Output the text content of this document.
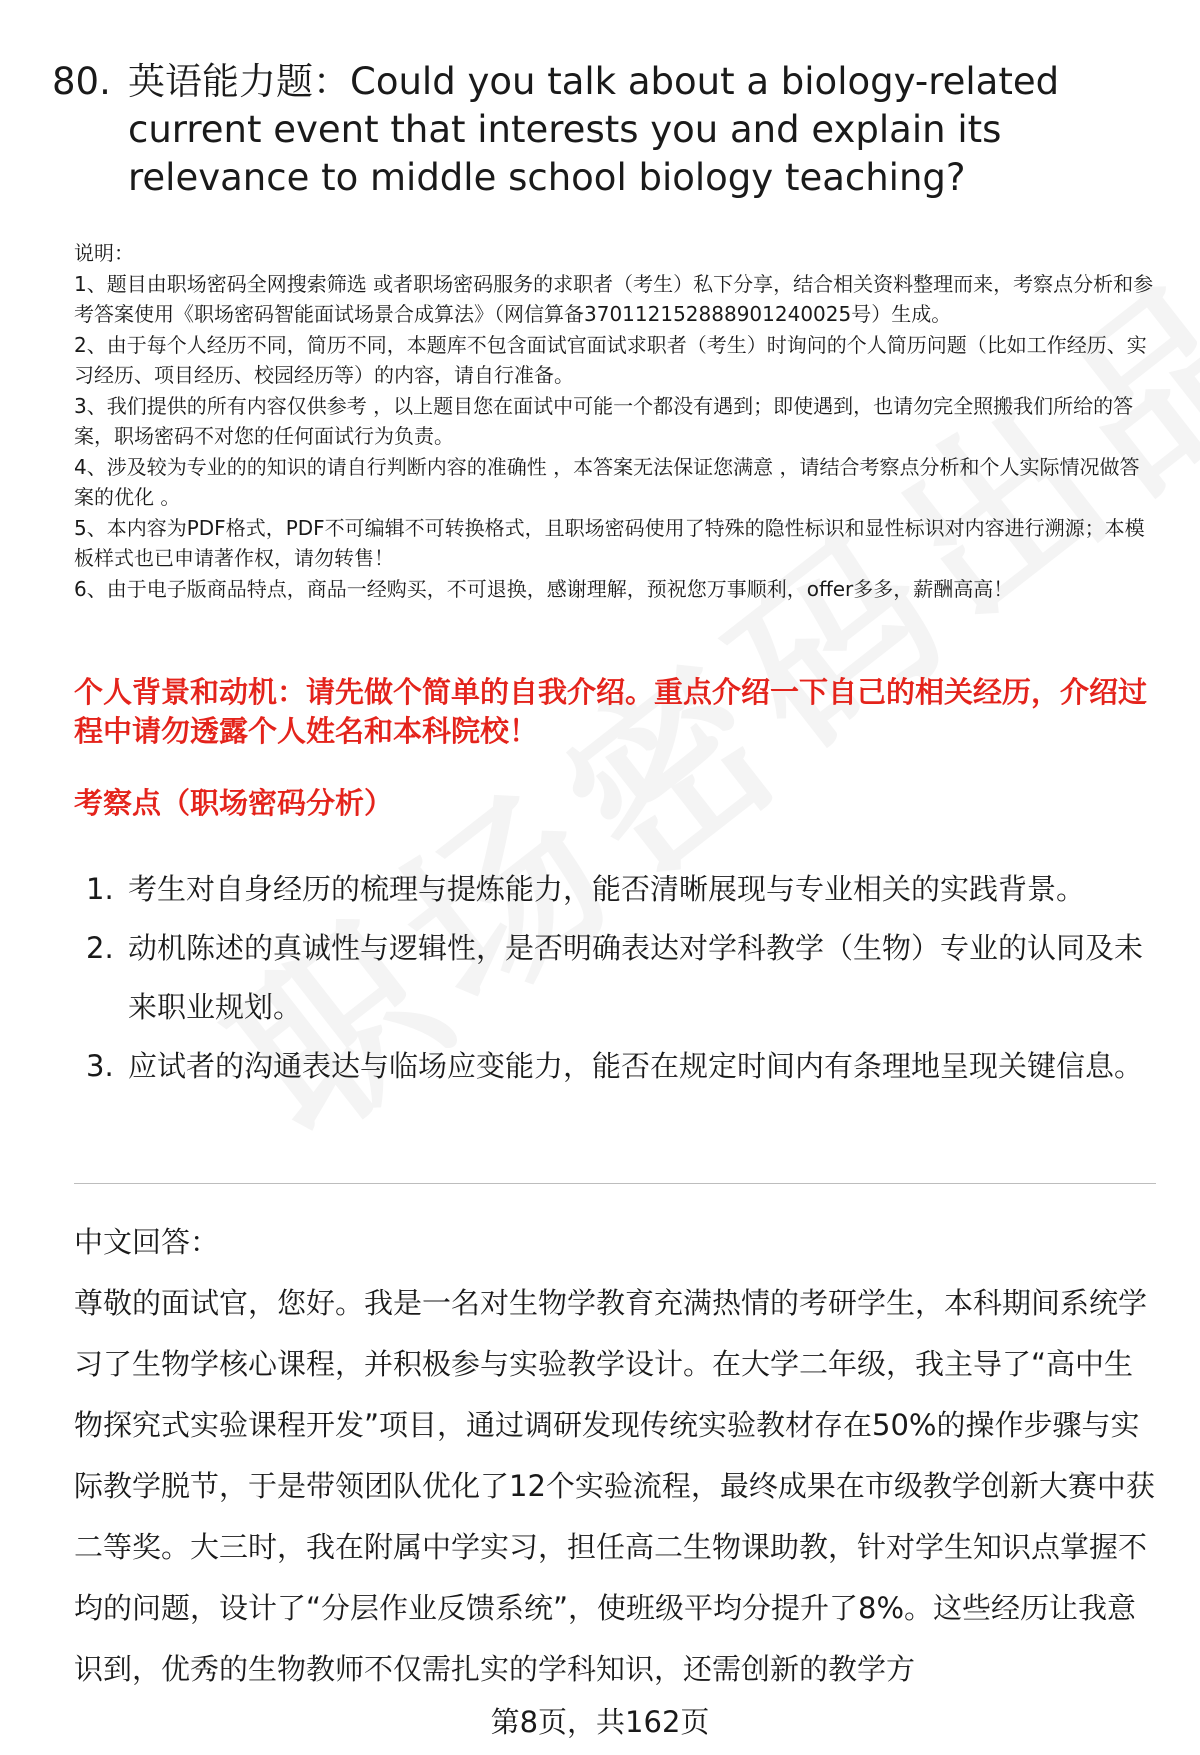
80. 英语能力题：Could you talk about a biology-related current event that interests you and explain its relevance to middle school biology teaching?

说明：

1、题目由职场密码全网搜索筛选 或者职场密码服务的求职者（考生）私下分享，结合相关资料整理而来，考察点分析和参考答案使用《职场密码智能面试场景合成算法》（网信算备370112152888901240025号）生成。

2、由于每个人经历不同，简历不同，本题库不包含面试官面试求职者（考生）时询问的个人简历问题（比如工作经历、实习经历、项目经历、校园经历等）的内容，请自行准备。

3、我们提供的所有内容仅供参考 ，以上题目您在面试中可能一个都没有遇到；即使遇到，也请勿完全照搬我们所给的答案，职场密码不对您的任何面试行为负责。

4、涉及较为专业的的知识的请自行判断内容的准确性 ，本答案无法保证您满意 ，请结合考察点分析和个人实际情况做答案的优化 。

5、本内容为PDF格式，PDF不可编辑不可转换格式，且职场密码使用了特殊的隐性标识和显性标识对内容进行溯源；本模板样式也已申请著作权，请勿转售！

6、由于电子版商品特点，商品一经购买，不可退换，感谢理解，预祝您万事顺利，offer多多，薪酬高高！

个人背景和动机：请先做个简单的自我介绍。重点介绍一下自己的相关经历，介绍过程中请勿透露个人姓名和本科院校！
考察点（职场密码分析）
1. 考生对自身经历的梳理与提炼能力，能否清晰展现与专业相关的实践背景。
2. 动机陈述的真诚性与逻辑性，是否明确表达对学科教学（生物）专业的认同及未来职业规划。
3. 应试者的沟通表达与临场应变能力，能否在规定时间内有条理地呈现关键信息。

中文回答：

尊敬的面试官，您好。我是一名对生物学教育充满热情的考研学生，本科期间系统学习了生物学核心课程，并积极参与实验教学设计。在大学二年级，我主导了“高中生物探究式实验课程开发”项目，通过调研发现传统实验教材存在50%的操作步骤与实际教学脱节，于是带领团队优化了12个实验流程，最终成果在市级教学创新大赛中获二等奖。大三时，我在附属中学实习，担任高二生物课助教，针对学生知识点掌握不均的问题，设计了“分层作业反馈系统”，使班级平均分提升了8%。这些经历让我意识到，优秀的生物教师不仅需扎实的学科知识，还需创新的教学方

第8页，共162页
